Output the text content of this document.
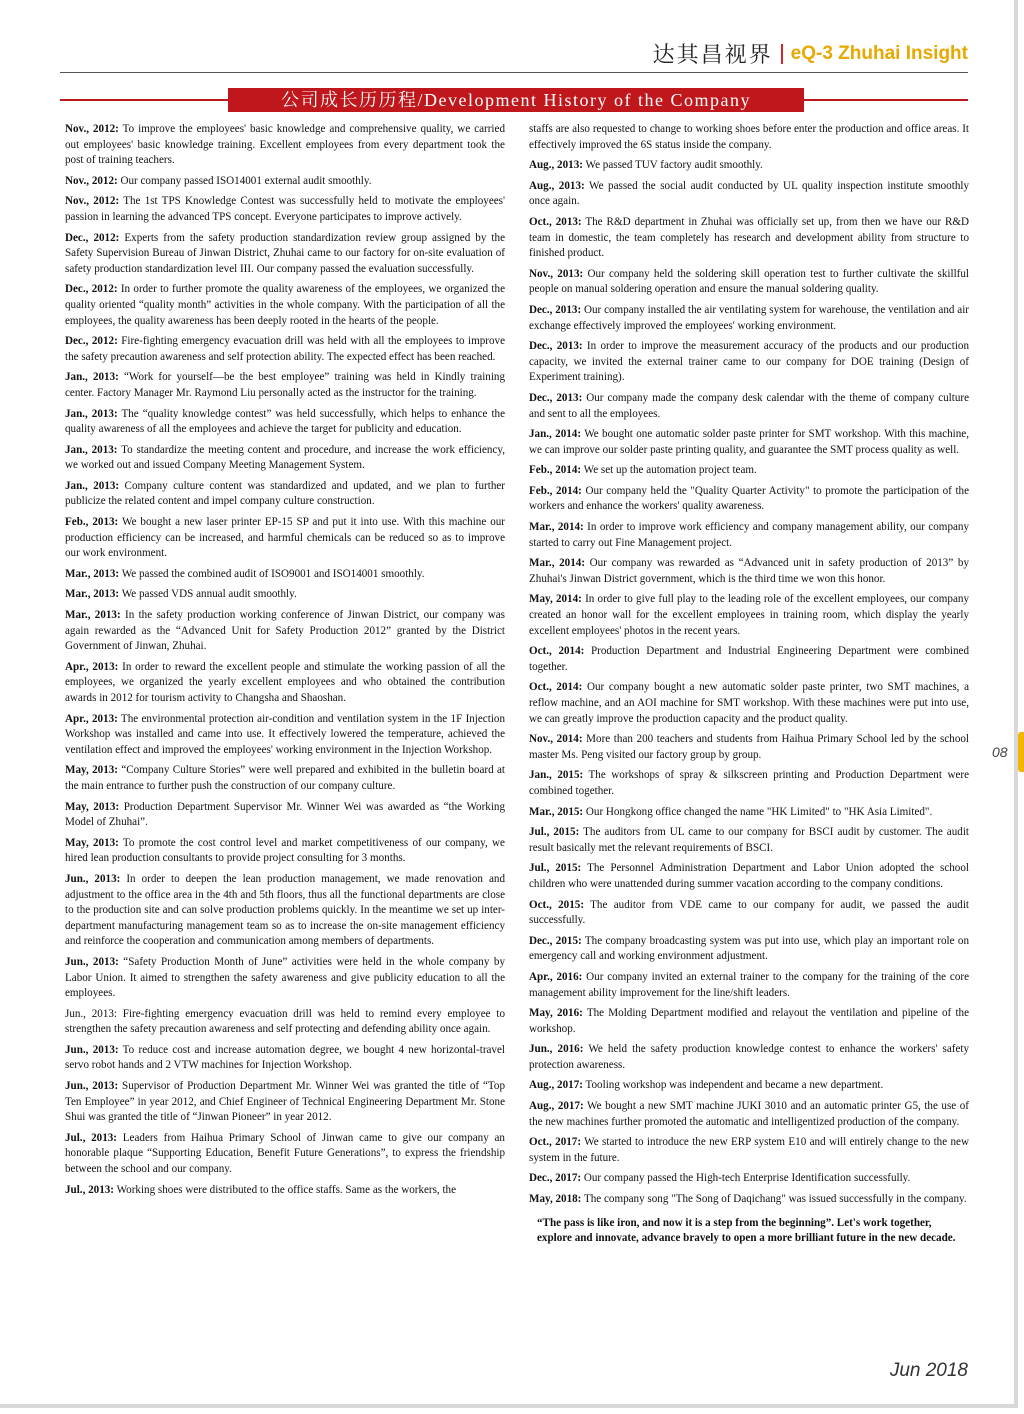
达其昌视界 eQ-3 Zhuhai Insight
公司成长历历程/Development History of the Company

Nov., 2012: To improve the employees' basic knowledge and comprehensive quality, we carried out employees' basic knowledge training. Excellent employees from every department took the post of training teachers.

Nov., 2012: Our company passed ISO14001 external audit smoothly.

Nov., 2012: The 1st TPS Knowledge Contest was successfully held to motivate the employees' passion in learning the advanced TPS concept. Everyone participates to improve actively.

Dec., 2012: Experts from the safety production standardization review group assigned by the Safety Supervision Bureau of Jinwan District, Zhuhai came to our factory for on-site evaluation of safety production standardization level III. Our company passed the evaluation successfully.

Dec., 2012: In order to further promote the quality awareness of the employees, we organized the quality oriented “quality month” activities in the whole company. With the participation of all the employees, the quality awareness has been deeply rooted in the hearts of the people.

Dec., 2012: Fire-fighting emergency evacuation drill was held with all the employees to improve the safety precaution awareness and self protection ability. The expected effect has been reached.

Jan., 2013: “Work for yourself—be the best employee” training was held in Kindly training center. Factory Manager Mr. Raymond Liu personally acted as the instructor for the training.

Jan., 2013: The “quality knowledge contest” was held successfully, which helps to enhance the quality awareness of all the employees and achieve the target for publicity and education.

Jan., 2013: To standardize the meeting content and procedure, and increase the work efficiency, we worked out and issued Company Meeting Management System.

Jan., 2013: Company culture content was standardized and updated, and we plan to further publicize the related content and impel company culture construction.

Feb., 2013: We bought a new laser printer EP-15 SP and put it into use. With this machine our production efficiency can be increased, and harmful chemicals can be reduced so as to improve our work environment.

Mar., 2013: We passed the combined audit of ISO9001 and ISO14001 smoothly.

Mar., 2013: We passed VDS annual audit smoothly.

Mar., 2013: In the safety production working conference of Jinwan District, our company was again rewarded as the “Advanced Unit for Safety Production 2012” granted by the District Government of Jinwan, Zhuhai.

Apr., 2013: In order to reward the excellent people and stimulate the working passion of all the employees, we organized the yearly excellent employees and who obtained the contribution awards in 2012 for tourism activity to Changsha and Shaoshan.

Apr., 2013: The environmental protection air-condition and ventilation system in the 1F Injection Workshop was installed and came into use. It effectively lowered the temperature, achieved the ventilation effect and improved the employees' working environment in the Injection Workshop.

May, 2013: “Company Culture Stories” were well prepared and exhibited in the bulletin board at the main entrance to further push the construction of our company culture.

May, 2013: Production Department Supervisor Mr. Winner Wei was awarded as “the Working Model of Zhuhai”.

May, 2013: To promote the cost control level and market competitiveness of our company, we hired lean production consultants to provide project consulting for 3 months.

Jun., 2013: In order to deepen the lean production management, we made renovation and adjustment to the office area in the 4th and 5th floors, thus all the functional departments are close to the production site and can solve production problems quickly. In the meantime we set up inter-department manufacturing management team so as to increase the on-site management efficiency and reinforce the cooperation and communication among members of departments.

Jun., 2013: “Safety Production Month of June” activities were held in the whole company by Labor Union. It aimed to strengthen the safety awareness and give publicity education to all the employees.

Jun., 2013: Fire-fighting emergency evacuation drill was held to remind every employee to strengthen the safety precaution awareness and self protecting and defending ability once again.

Jun., 2013: To reduce cost and increase automation degree, we bought 4 new horizontal-travel servo robot hands and 2 VTW machines for Injection Workshop.

Jun., 2013: Supervisor of Production Department Mr. Winner Wei was granted the title of “Top Ten Employee” in year 2012, and Chief Engineer of Technical Engineering Department Mr. Stone Shui was granted the title of “Jinwan Pioneer” in year 2012.

Jul., 2013: Leaders from Haihua Primary School of Jinwan came to give our company an honorable plaque “Supporting Education, Benefit Future Generations”, to express the friendship between the school and our company.

Jul., 2013: Working shoes were distributed to the office staffs. Same as the workers, the

staffs are also requested to change to working shoes before enter the production and office areas. It effectively improved the 6S status inside the company.

Aug., 2013: We passed TUV factory audit smoothly.

Aug., 2013: We passed the social audit conducted by UL quality inspection institute smoothly once again.

Oct., 2013: The R&D department in Zhuhai was officially set up, from then we have our R&D team in domestic, the team completely has research and development ability from structure to finished product.

Nov., 2013: Our company held the soldering skill operation test to further cultivate the skillful people on manual soldering operation and ensure the manual soldering quality.

Dec., 2013: Our company installed the air ventilating system for warehouse, the ventilation and air exchange effectively improved the employees' working environment.

Dec., 2013: In order to improve the measurement accuracy of the products and our production capacity, we invited the external trainer came to our company for DOE training (Design of Experiment training).

Dec., 2013: Our company made the company desk calendar with the theme of company culture and sent to all the employees.

Jan., 2014: We bought one automatic solder paste printer for SMT workshop. With this machine, we can improve our solder paste printing quality, and guarantee the SMT process quality as well.

Feb., 2014: We set up the automation project team.

Feb., 2014: Our company held the "Quality Quarter Activity" to promote the participation of the workers and enhance the workers' quality awareness.

Mar., 2014: In order to improve work efficiency and company management ability, our company started to carry out Fine Management project.

Mar., 2014: Our company was rewarded as “Advanced unit in safety production of 2013” by Zhuhai's Jinwan District government, which is the third time we won this honor.

May, 2014: In order to give full play to the leading role of the excellent employees, our company created an honor wall for the excellent employees in training room, which display the yearly excellent employees' photos in the recent years.

Oct., 2014: Production Department and Industrial Engineering Department were combined together.

Oct., 2014: Our company bought a new automatic solder paste printer, two SMT machines, a reflow machine, and an AOI machine for SMT workshop. With these machines were put into use, we can greatly improve the production capacity and the product quality.

Nov., 2014: More than 200 teachers and students from Haihua Primary School led by the school master Ms. Peng visited our factory group by group.

Jan., 2015: The workshops of spray & silkscreen printing and Production Department were combined together.

Mar., 2015: Our Hongkong office changed the name "HK Limited" to "HK Asia Limited".

Jul., 2015: The auditors from UL came to our company for BSCI audit by customer. The audit result basically met the relevant requirements of BSCI.

Jul., 2015: The Personnel Administration Department and Labor Union adopted the school children who were unattended during summer vacation according to the company conditions.

Oct., 2015: The auditor from VDE came to our company for audit, we passed the audit successfully.

Dec., 2015: The company broadcasting system was put into use, which play an important role on emergency call and working environment adjustment.

Apr., 2016: Our company invited an external trainer to the company for the training of the core management ability improvement for the line/shift leaders.

May, 2016: The Molding Department modified and relayout the ventilation and pipeline of the workshop.

Jun., 2016: We held the safety production knowledge contest to enhance the workers' safety protection awareness.

Aug., 2017: Tooling workshop was independent and became a new department.

Aug., 2017: We bought a new SMT machine JUKI 3010 and an automatic printer G5, the use of the new machines further promoted the automatic and intelligentized production of the company.

Oct., 2017: We started to introduce the new ERP system E10 and will entirely change to the new system in the future.

Dec., 2017: Our company passed the High-tech Enterprise Identification successfully.

May, 2018: The company song "The Song of Daqichang" was issued successfully in the company.

“The pass is like iron, and now it is a step from the beginning”. Let's work together, explore and innovate, advance bravely to open a more brilliant future in the new decade.

08
Jun 2018
